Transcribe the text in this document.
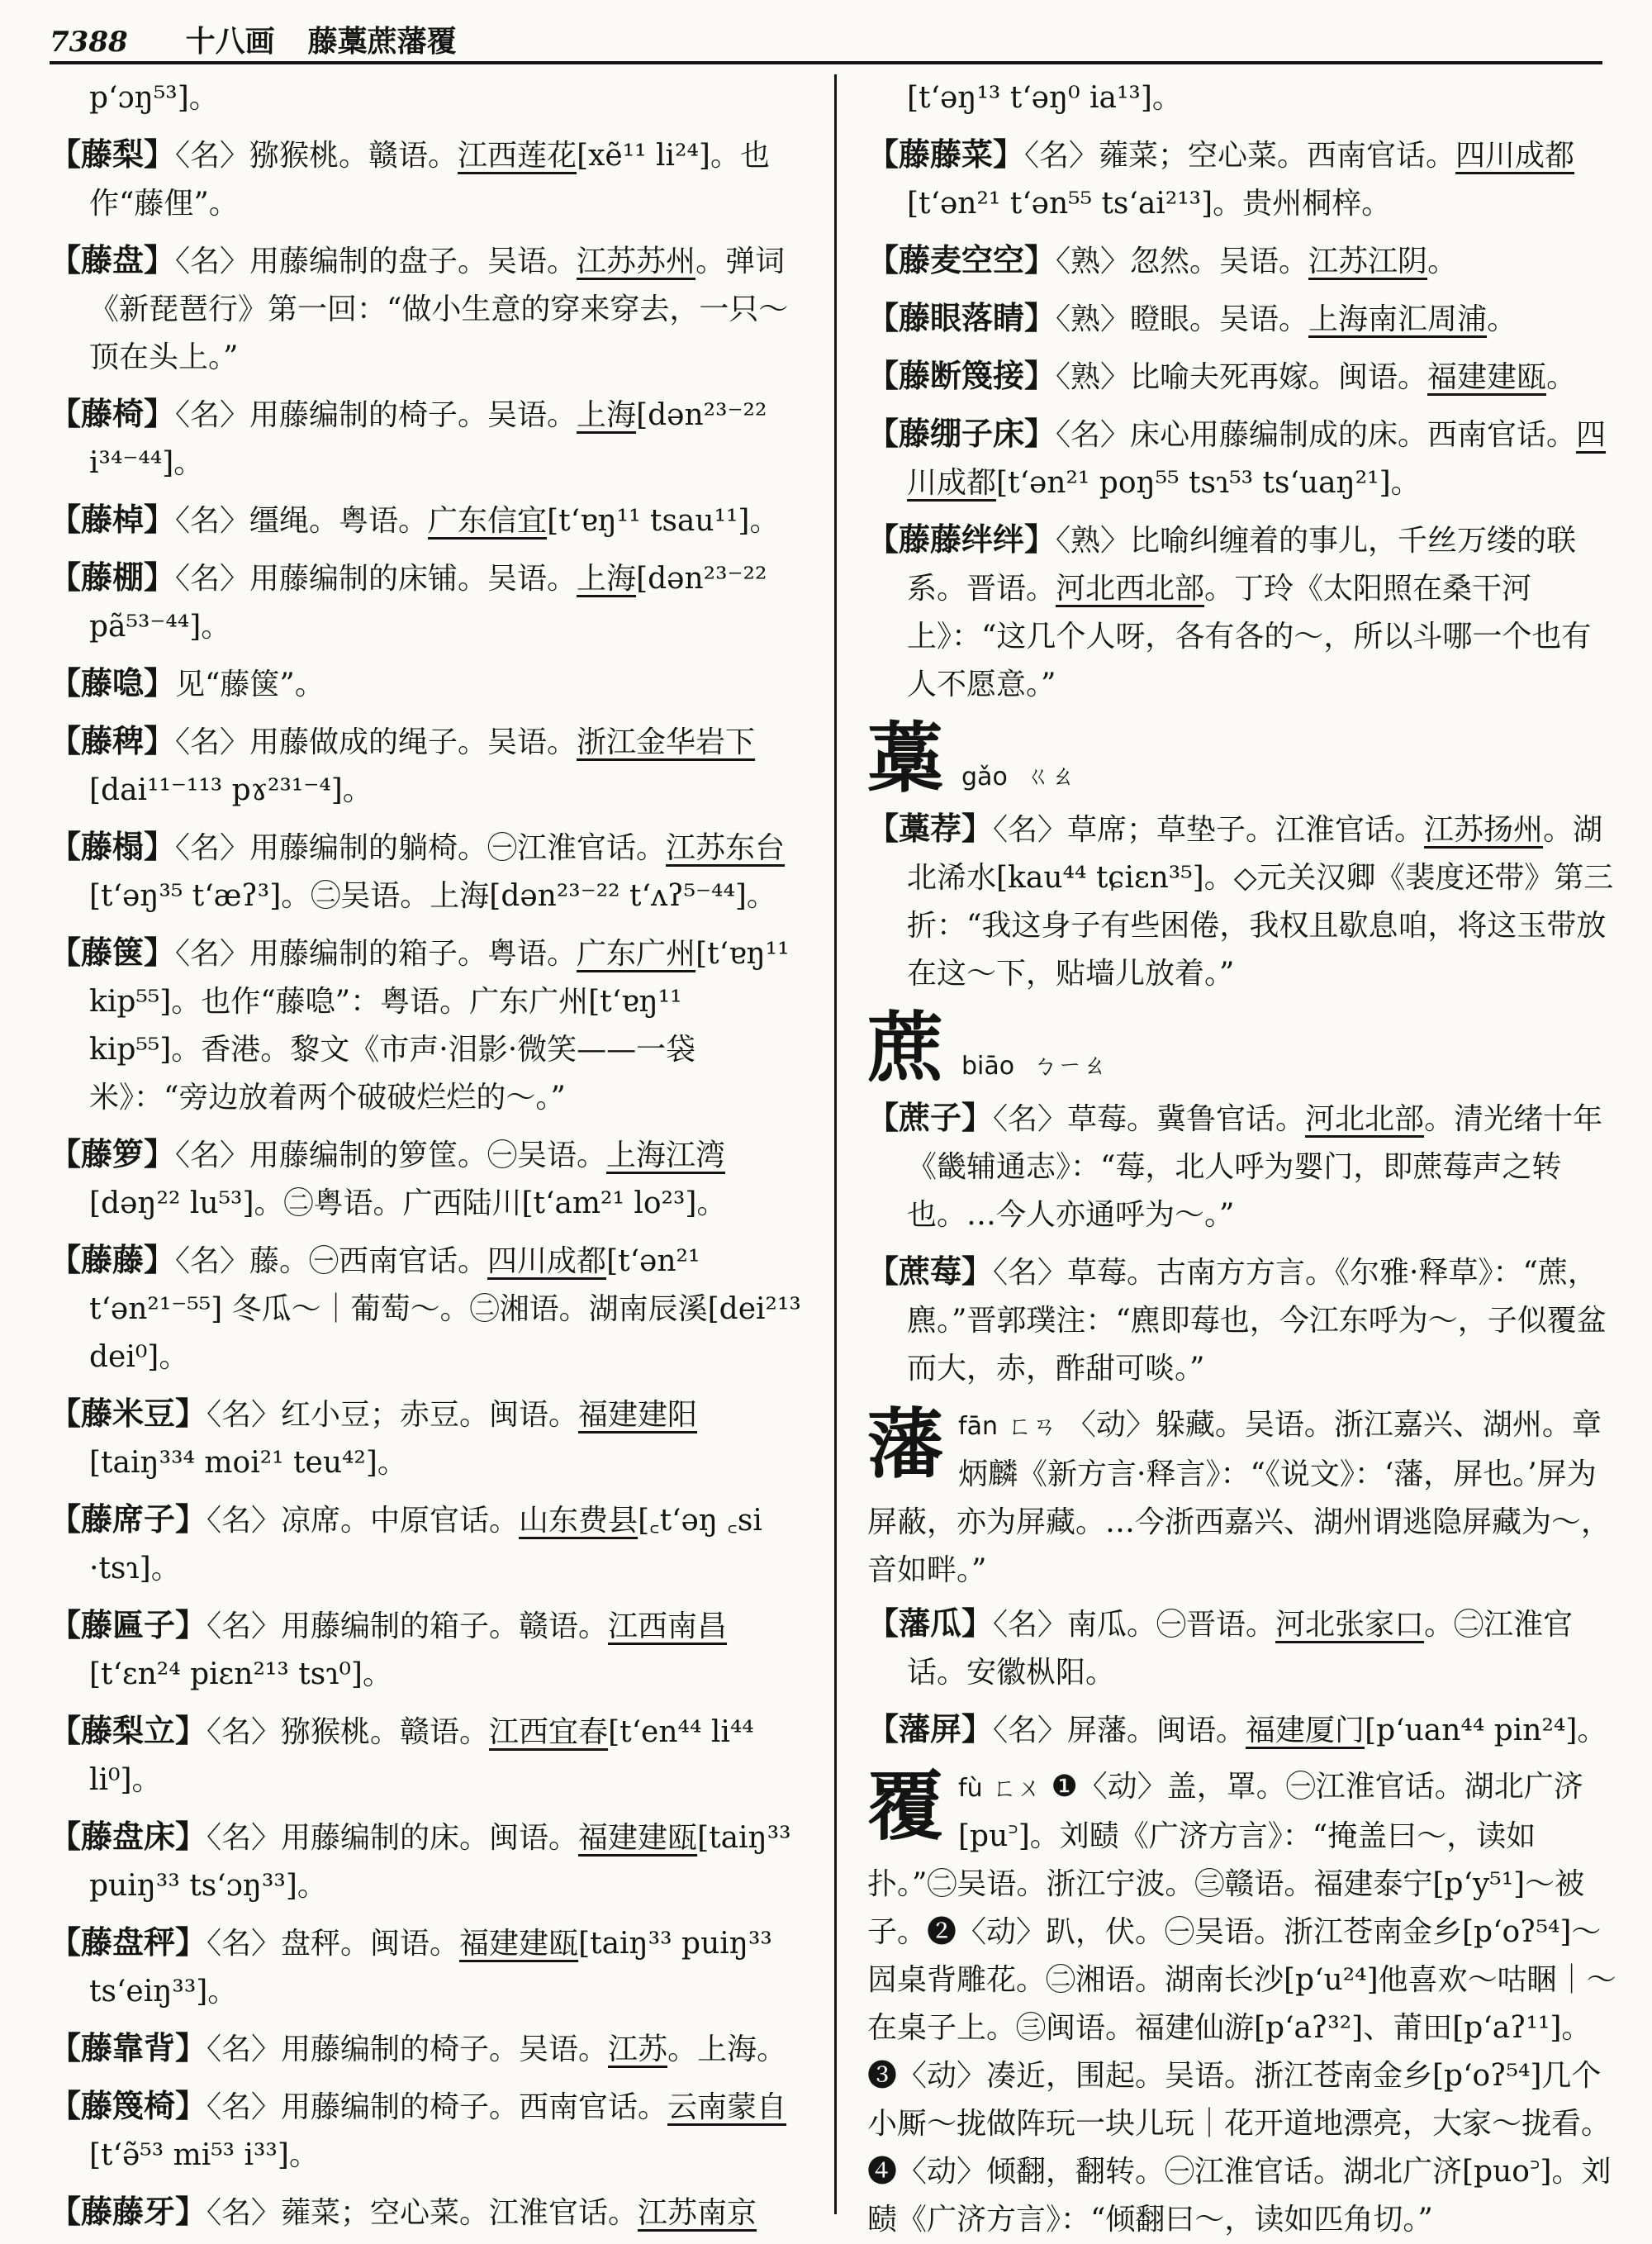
7388 十八画 藤藁蔗藩覆

p‘ɔŋ⁵³]。

【藤梨】〈名〉猕猴桃。赣语。江西莲花[xẽ¹¹ li²⁴]。也作“藤俚”。

【藤盘】〈名〉用藤编制的盘子。吴语。江苏苏州。弹词《新琵琶行》第一回：“做小生意的穿来穿去，一只～顶在头上。”

【藤椅】〈名〉用藤编制的椅子。吴语。上海[dən²³⁻²² i³⁴⁻⁴⁴]。

【藤棹】〈名〉缰绳。粤语。广东信宜[t‘ɐŋ¹¹ tsau¹¹]。

【藤棚】〈名〉用藤编制的床铺。吴语。上海[dən²³⁻²² pã⁵³⁻⁴⁴]。

【藤喼】见“藤箧”。

【藤稗】〈名〉用藤做成的绳子。吴语。浙江金华岩下[dai¹¹⁻¹¹³ pɤ²³¹⁻⁴]。

【藤榻】〈名〉用藤编制的躺椅。㊀江淮官话。江苏东台[t‘əŋ³⁵ t‘æʔ³]。㊁吴语。上海[dən²³⁻²² t‘ʌʔ⁵⁻⁴⁴]。

【藤箧】〈名〉用藤编制的箱子。粤语。广东广州[t‘ɐŋ¹¹ kip⁵⁵]。也作“藤喼”：粤语。广东广州[t‘ɐŋ¹¹ kip⁵⁵]。香港。黎文《市声·泪影·微笑——一袋米》：“旁边放着两个破破烂烂的～。”

【藤箩】〈名〉用藤编制的箩筐。㊀吴语。上海江湾[dəŋ²² lu⁵³]。㊁粤语。广西陆川[t‘am²¹ lo²³]。

【藤藤】〈名〉藤。㊀西南官话。四川成都[t‘ən²¹ t‘ən²¹⁻⁵⁵] 冬瓜～｜葡萄～。㊁湘语。湖南辰溪[dei²¹³ dei⁰]。

【藤米豆】〈名〉红小豆；赤豆。闽语。福建建阳[taiŋ³³⁴ moi²¹ teu⁴²]。

【藤席子】〈名〉凉席。中原官话。山东费县[꜀t‘əŋ ꜀si ·tsɿ]。

【藤匾子】〈名〉用藤编制的箱子。赣语。江西南昌[t‘ɛn²⁴ piɛn²¹³ tsɿ⁰]。

【藤梨立】〈名〉猕猴桃。赣语。江西宜春[t‘en⁴⁴ li⁴⁴ li⁰]。

【藤盘床】〈名〉用藤编制的床。闽语。福建建瓯[taiŋ³³ puiŋ³³ ts‘ɔŋ³³]。

【藤盘秤】〈名〉盘秤。闽语。福建建瓯[taiŋ³³ puiŋ³³ ts‘eiŋ³³]。

【藤靠背】〈名〉用藤编制的椅子。吴语。江苏。上海。

【藤篾椅】〈名〉用藤编制的椅子。西南官话。云南蒙自[t‘ə̃⁵³ mi⁵³ i³³]。

【藤藤牙】〈名〉蕹菜；空心菜。江淮官话。江苏南京

[t‘əŋ¹³ t‘əŋ⁰ ia¹³]。

【藤藤菜】〈名〉蕹菜；空心菜。西南官话。四川成都[t‘ən²¹ t‘ən⁵⁵ ts‘ai²¹³]。贵州桐梓。

【藤麦空空】〈熟〉忽然。吴语。江苏江阴。

【藤眼落睛】〈熟〉瞪眼。吴语。上海南汇周浦。

【藤断篾接】〈熟〉比喻夫死再嫁。闽语。福建建瓯。

【藤绷子床】〈名〉床心用藤编制成的床。西南官话。四川成都[t‘ən²¹ poŋ⁵⁵ tsɿ⁵³ ts‘uaŋ²¹]。

【藤藤绊绊】〈熟〉比喻纠缠着的事儿，千丝万缕的联系。晋语。河北西北部。丁玲《太阳照在桑干河上》：“这几个人呀，各有各的～，所以斗哪一个也有人不愿意。”

藁 gǎo ㄍㄠ

【藁荐】〈名〉草席；草垫子。江淮官话。江苏扬州。湖北浠水[kau⁴⁴ tɕiɛn³⁵]。◇元关汉卿《裴度还带》第三折：“我这身子有些困倦，我权且歇息咱，将这玉带放在这～下，贴墙儿放着。”

蔗 biāo ㄅㄧㄠ

【蔗子】〈名〉草莓。冀鲁官话。河北北部。清光绪十年《畿辅通志》：“莓，北人呼为婴门，即蔗莓声之转也。…今人亦通呼为～。”

【蔗莓】〈名〉草莓。古南方方言。《尔雅·释草》：“蔗，麃。”晋郭璞注：“麃即莓也，今江东呼为～，子似覆盆而大，赤，酢甜可啖。”

藩fān ㄈㄢ 〈动〉躲藏。吴语。浙江嘉兴、湖州。章炳麟《新方言·释言》：“《说文》：‘藩，屏也。’屏为屏蔽，亦为屏藏。…今浙西嘉兴、湖州谓逃隐屏藏为～，音如畔。”

【藩瓜】〈名〉南瓜。㊀晋语。河北张家口。㊁江淮官话。安徽枞阳。

【藩屏】〈名〉屏藩。闽语。福建厦门[p‘uan⁴⁴ pin²⁴]。

覆fù ㄈㄨ ❶〈动〉盖，罩。㊀江淮官话。湖北广济[pu꜄]。刘赜《广济方言》：“掩盖曰～，读如扑。”㊁吴语。浙江宁波。㊂赣语。福建泰宁[p‘y⁵¹]～被子。❷〈动〉趴，伏。㊀吴语。浙江苍南金乡[p‘oʔ⁵⁴]～囥桌背雕花。㊁湘语。湖南长沙[p‘u²⁴]他喜欢～咕睏｜～在桌子上。㊂闽语。福建仙游[p‘aʔ³²]、莆田[p‘aʔ¹¹]。❸〈动〉凑近，围起。吴语。浙江苍南金乡[p‘oʔ⁵⁴]几个小厮～拢做阵玩一块儿玩｜花开道地漂亮，大家～拢看。❹〈动〉倾翻，翻转。㊀江淮官话。湖北广济[puo꜄]。刘赜《广济方言》：“倾翻曰～，读如匹角切。”
